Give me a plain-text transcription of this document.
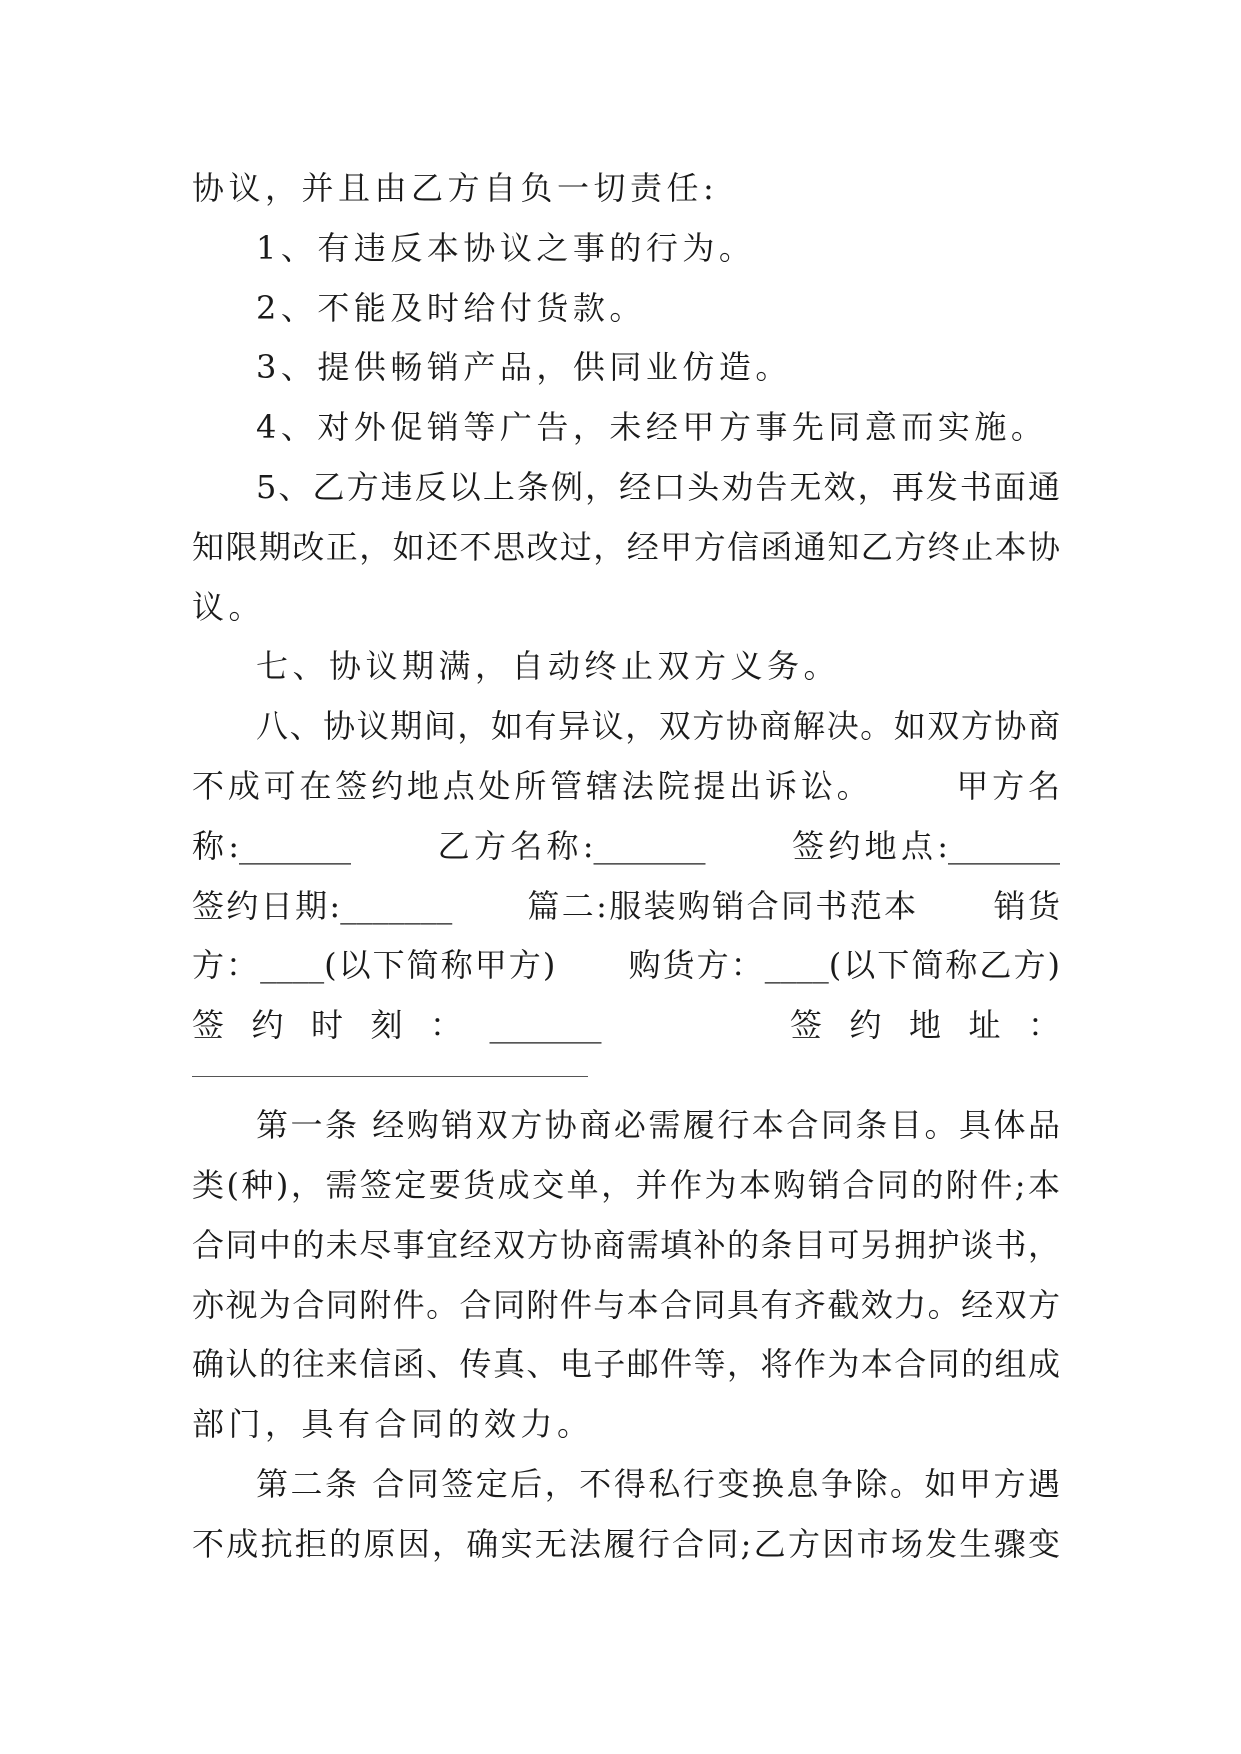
协议，并且由乙方自负一切责任:
1、有违反本协议之事的行为。
2、不能及时给付货款。
3、提供畅销产品，供同业仿造。
4、对外促销等广告，未经甲方事先同意而实施。
5、乙方违反以上条例，经口头劝告无效，再发书面通
知限期改正，如还不思改过，经甲方信函通知乙方终止本协
议。
七、协议期满，自动终止双方义务。
八、协议期间，如有异议，双方协商解决。如双方协商
不成可在签约地点处所管辖法院提出诉讼。      甲方名
称:_______      乙方名称:_______      签约地点:_______
签约日期:_______      篇二:服装购销合同书范本      销货
方：____(以下简称甲方)      购货方：____(以下简称乙方)
签 约 时 刻 ： _______          签 约 地 址 ：
第一条 经购销双方协商必需履行本合同条目。具体品
类(种)，需签定要货成交单，并作为本购销合同的附件;本
合同中的未尽事宜经双方协商需填补的条目可另拥护谈书，
亦视为合同附件。合同附件与本合同具有齐截效力。经双方
确认的往来信函、传真、电子邮件等，将作为本合同的组成
部门，具有合同的效力。
第二条 合同签定后，不得私行变换息争除。如甲方遇
不成抗拒的原因，确实无法履行合同;乙方因市场发生骤变
